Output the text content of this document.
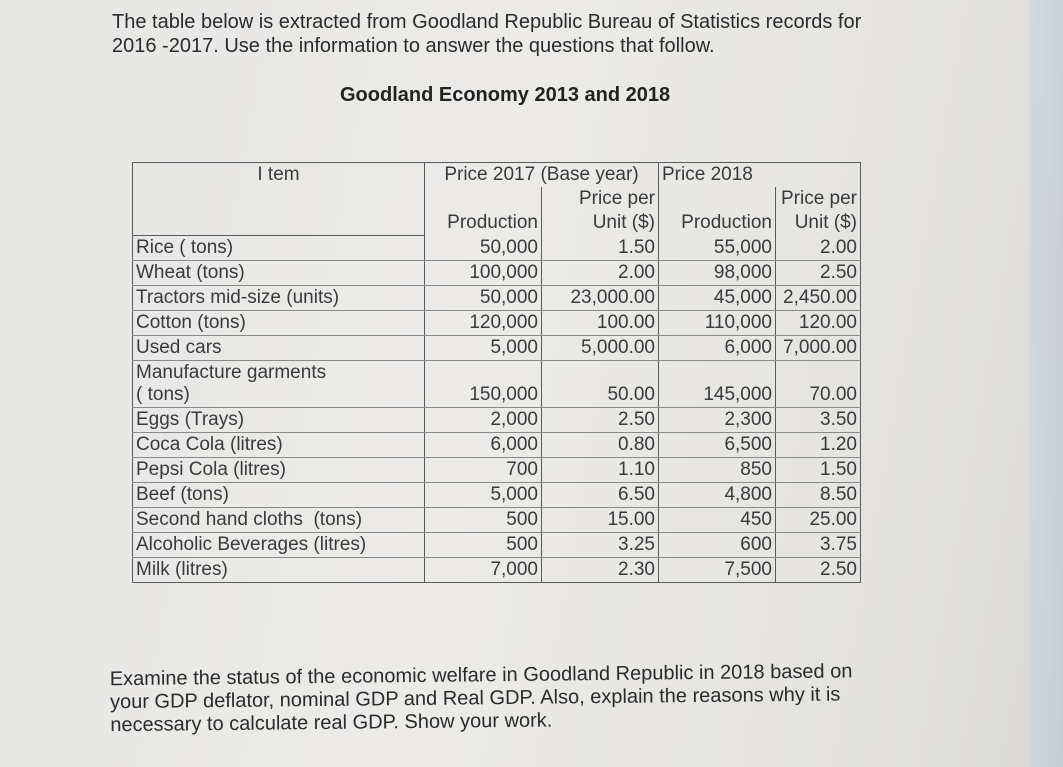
The table below is extracted from Goodland Republic Bureau of Statistics records for
2016 -2017. Use the information to answer the questions that follow.
Goodland Economy 2013 and 2018
I tem	Price 2017 (Base year)		Price 2018	
		Price per		Price per
	Production	Unit ($)	Production	Unit ($)
Rice ( tons)	50,000	1.50	55,000	2.00
Wheat (tons)	100,000	2.00	98,000	2.50
Tractors mid-size (units)	50,000	23,000.00	45,000	2,450.00
Cotton (tons)	120,000	100.00	110,000	120.00
Used cars	5,000	5,000.00	6,000	7,000.00

Manufacture garments
( tons)	150,000	50.00	145,000	70.00
Eggs (Trays)	2,000	2.50	2,300	3.50
Coca Cola (litres)	6,000	0.80	6,500	1.20
Pepsi Cola (litres)	700	1.10	850	1.50
Beef (tons)	5,000	6.50	4,800	8.50
Second hand cloths  (tons)	500	15.00	450	25.00
Alcoholic Beverages (litres)	500	3.25	600	3.75
Milk (litres)	7,000	2.30	7,500	2.50
Examine the status of the economic welfare in Goodland Republic in 2018 based on
your GDP deflator, nominal GDP and Real GDP. Also, explain the reasons why it is
necessary to calculate real GDP. Show your work.
